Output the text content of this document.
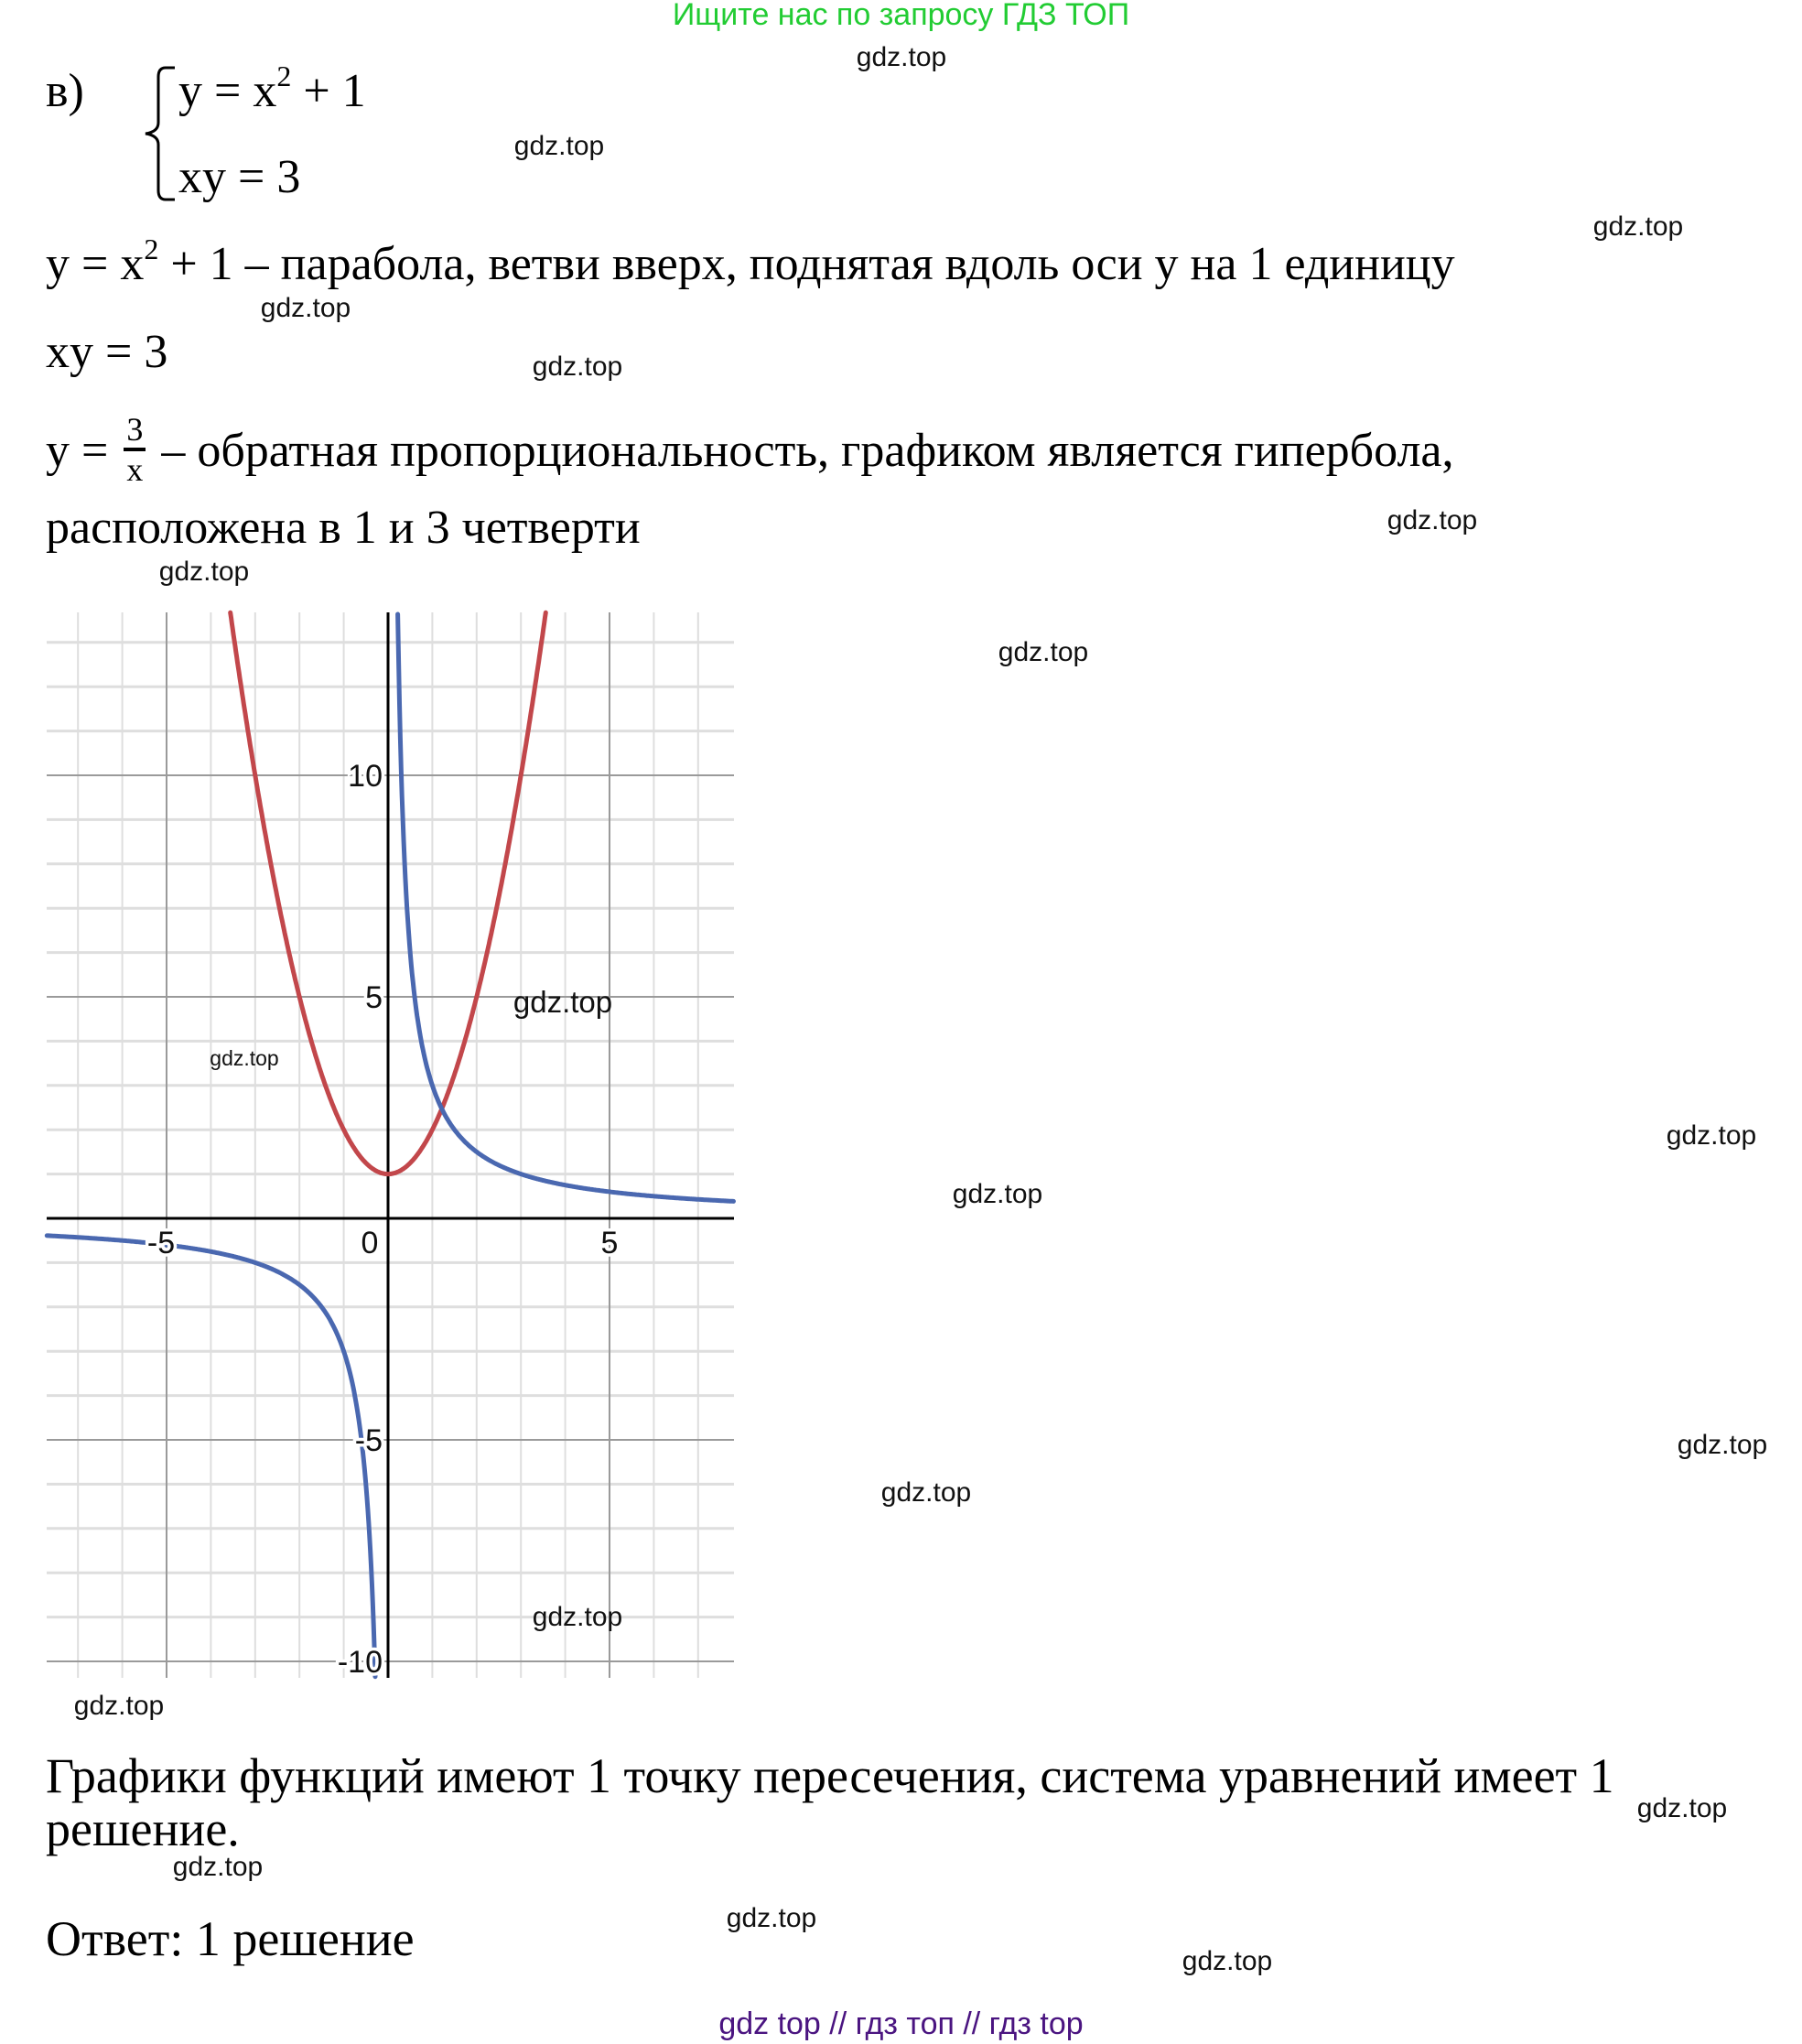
Ищите нас по запросу ГДЗ ТОП
в) $y = x^2 + 1$
xy = 3
$y = x^2 + 1$ – парабола, ветви вверх, поднятая вдоль оси y на 1 единицу
xy = 3
$y = \frac{3}{x}$ – обратная пропорциональность, графиком является гипербола,
расположена в 1 и 3 четверти
-5	0	5
10
5
-5
-10
Графики функций имеют 1 точку пересечения, система уравнений имеет 1
решение.
Ответ: 1 решение
gdz.top
gdz.top
gdz.top
gdz.top
gdz.top
gdz.top
gdz.top
gdz.top
gdz.top
gdz.top
gdz.top
gdz.top
gdz.top
gdz.top
gdz.top
gdz.top
gdz.top
gdz.top
gdz.top
gdz.top
gdz top // гдз топ // гдз top
